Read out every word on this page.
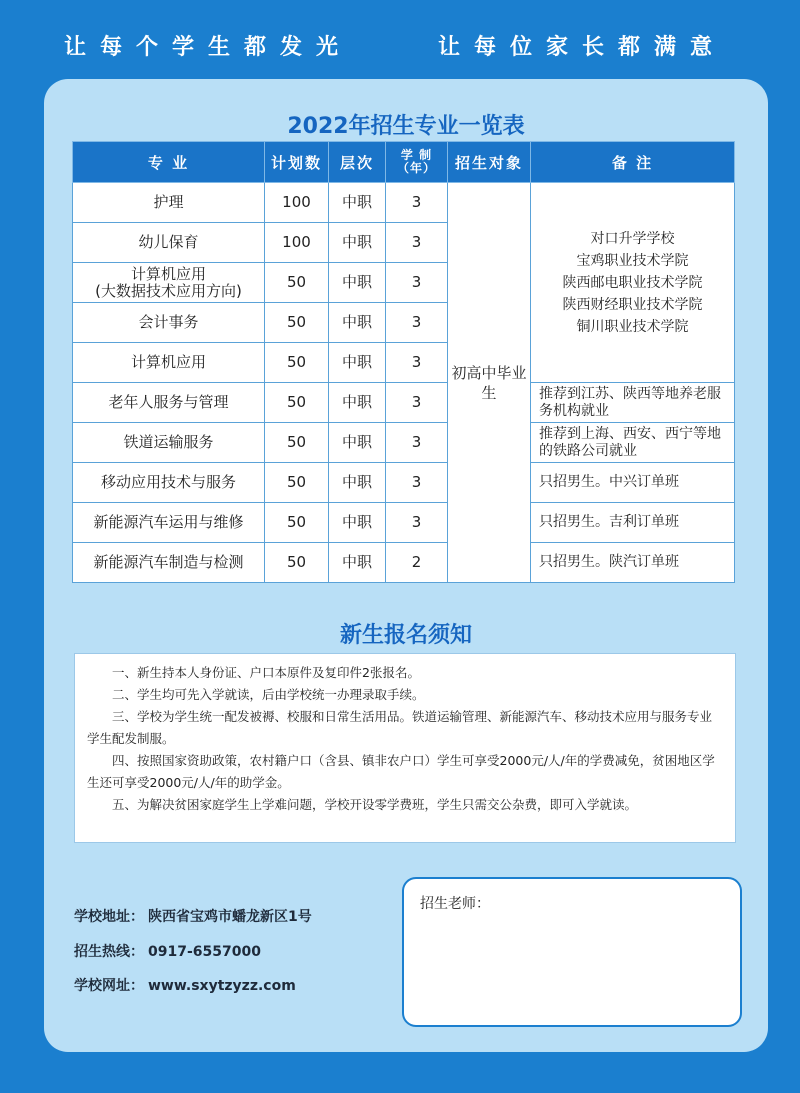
让每个学生都发光	让每位家长都满意
2022年招生专业一览表
专 业	计划数	层次	学 制（年）	招生对象	备 注
护理	100	中职	3	初高中毕业生	对口升学学校
宝鸡职业技术学院
陕西邮电职业技术学院
陕西财经职业技术学院
铜川职业技术学院

幼儿保育	100	中职	3		

计算机应用
(大数据技术应用方向)	50	中职	3		
会计事务	50	中职	3		
计算机应用	50	中职	3		
老年人服务与管理	50	中职	3		推荐到江苏、陕西等地养老服务机构就业
铁道运输服务	50	中职	3		推荐到上海、西安、西宁等地的铁路公司就业
移动应用技术与服务	50	中职	3		只招男生。中兴订单班
新能源汽车运用与维修	50	中职	3		只招男生。吉利订单班
新能源汽车制造与检测	50	中职	2		只招男生。陕汽订单班
新生报名须知

一、新生持本人身份证、户口本原件及复印件2张报名。

二、学生均可先入学就读，后由学校统一办理录取手续。

三、学校为学生统一配发被褥、校服和日常生活用品。铁道运输管理、新能源汽车、移动技术应用与服务专业学生配发制服。

四、按照国家资助政策，农村籍户口（含县、镇非农户口）学生可享受2000元/人/年的学费减免，贫困地区学生还可享受2000元/人/年的助学金。

五、为解决贫困家庭学生上学难问题，学校开设零学费班，学生只需交公杂费，即可入学就读。

学校地址： 陕西省宝鸡市蟠龙新区1号
招生热线： 0917-6557000
学校网址： www.sxytzyzz.com
招生老师：
